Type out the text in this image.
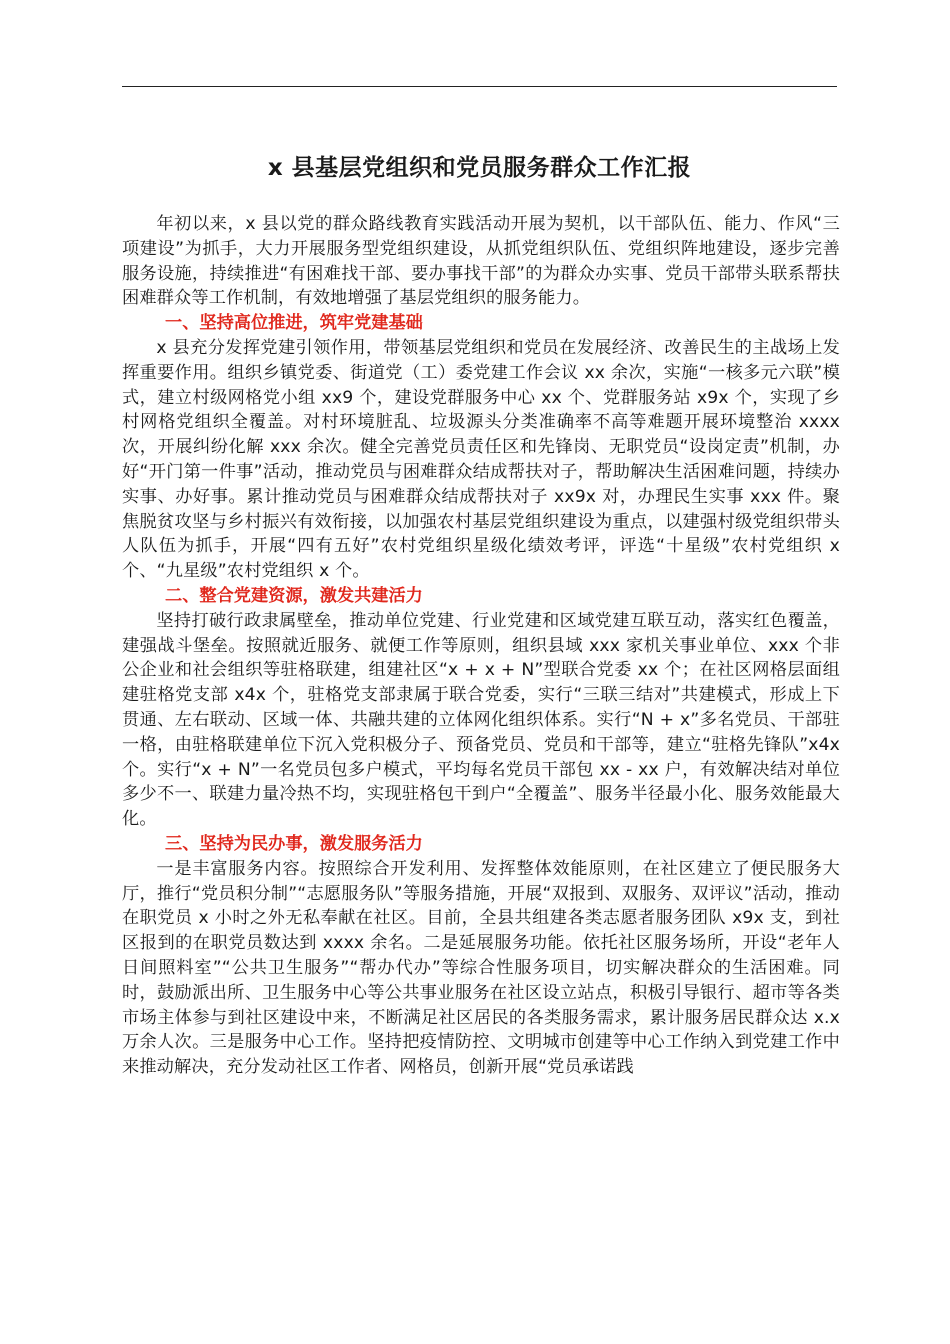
x 县基层党组织和党员服务群众工作汇报

年初以来，x 县以党的群众路线教育实践活动开展为契机，以干部队伍、能力、作风“三项建设”为抓手，大力开展服务型党组织建设，从抓党组织队伍、党组织阵地建设，逐步完善服务设施，持续推进“有困难找干部、要办事找干部”的为群众办实事、党员干部带头联系帮扶困难群众等工作机制，有效地增强了基层党组织的服务能力。

一、坚持高位推进，筑牢党建基础

x 县充分发挥党建引领作用，带领基层党组织和党员在发展经济、改善民生的主战场上发挥重要作用。组织乡镇党委、街道党（工）委党建工作会议 xx 余次，实施“一核多元六联”模式，建立村级网格党小组 xx9 个，建设党群服务中心 xx 个、党群服务站 x9x 个，实现了乡村网格党组织全覆盖。对村环境脏乱、垃圾源头分类准确率不高等难题开展环境整治 xxxx 次，开展纠纷化解 xxx 余次。健全完善党员责任区和先锋岗、无职党员“设岗定责”机制，办好“开门第一件事”活动，推动党员与困难群众结成帮扶对子，帮助解决生活困难问题，持续办实事、办好事。累计推动党员与困难群众结成帮扶对子 xx9x 对，办理民生实事 xxx 件。聚焦脱贫攻坚与乡村振兴有效衔接，以加强农村基层党组织建设为重点，以建强村级党组织带头人队伍为抓手，开展“四有五好”农村党组织星级化绩效考评，评选“十星级”农村党组织 x 个、“九星级”农村党组织 x 个。

二、整合党建资源，激发共建活力

坚持打破行政隶属壁垒，推动单位党建、行业党建和区域党建互联互动，落实红色覆盖，建强战斗堡垒。按照就近服务、就便工作等原则，组织县域 xxx 家机关事业单位、xxx 个非公企业和社会组织等驻格联建，组建社区“x + x + N”型联合党委 xx 个；在社区网格层面组建驻格党支部 x4x 个，驻格党支部隶属于联合党委，实行“三联三结对”共建模式，形成上下贯通、左右联动、区域一体、共融共建的立体网化组织体系。实行“N + x”多名党员、干部驻一格，由驻格联建单位下沉入党积极分子、预备党员、党员和干部等，建立“驻格先锋队”x4x 个。实行“x + N”一名党员包多户模式，平均每名党员干部包 xx - xx 户，有效解决结对单位多少不一、联建力量冷热不均，实现驻格包干到户“全覆盖”、服务半径最小化、服务效能最大化。

三、坚持为民办事，激发服务活力

一是丰富服务内容。按照综合开发利用、发挥整体效能原则，在社区建立了便民服务大厅，推行“党员积分制”“志愿服务队”等服务措施，开展“双报到、双服务、双评议”活动，推动在职党员 x 小时之外无私奉献在社区。目前，全县共组建各类志愿者服务团队 x9x 支，到社区报到的在职党员数达到 xxxx 余名。二是延展服务功能。依托社区服务场所，开设“老年人日间照料室”“公共卫生服务”“帮办代办”等综合性服务项目，切实解决群众的生活困难。同时，鼓励派出所、卫生服务中心等公共事业服务在社区设立站点，积极引导银行、超市等各类市场主体参与到社区建设中来，不断满足社区居民的各类服务需求，累计服务居民群众达 x.x 万余人次。三是服务中心工作。坚持把疫情防控、文明城市创建等中心工作纳入到党建工作中来推动解决，充分发动社区工作者、网格员，创新开展“党员承诺践
